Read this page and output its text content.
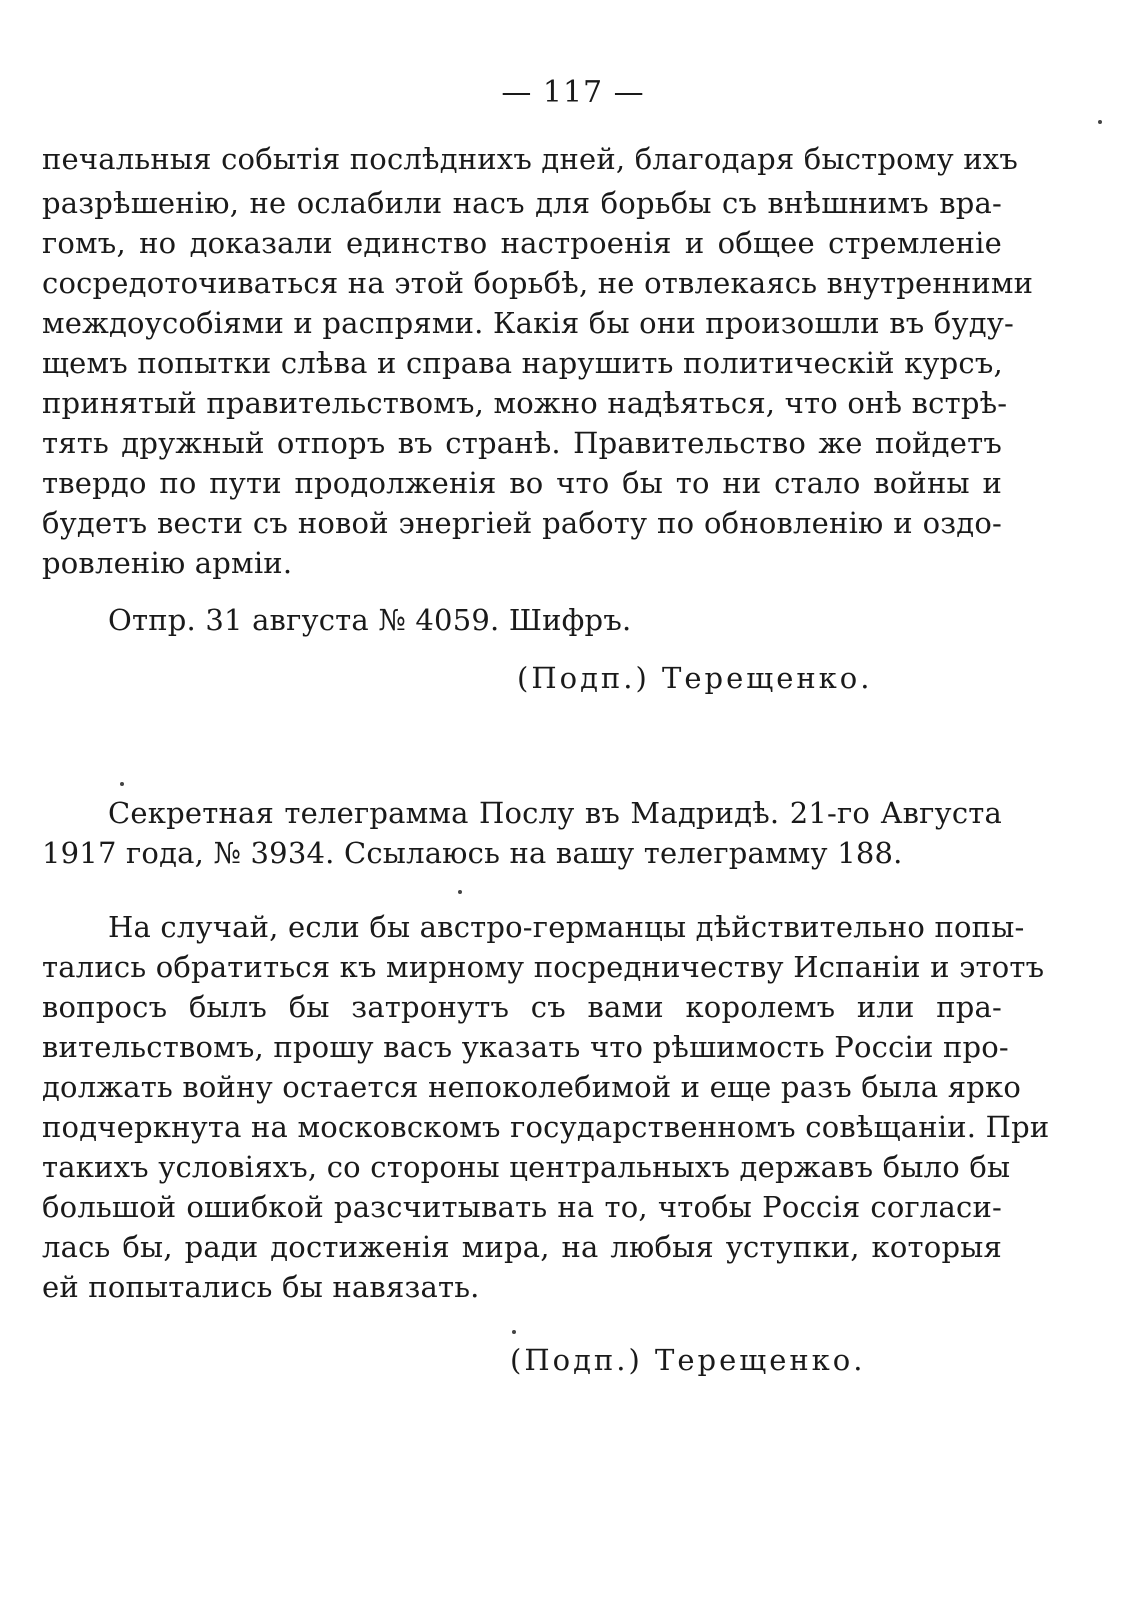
— 117 —
печальныя событія послѣднихъ дней, благодаря быстрому ихъ
разрѣшенію, не ослабили насъ для борьбы съ внѣшнимъ вра-
гомъ, но доказали единство настроенія и общее стремленіе
сосредоточиваться на этой борьбѣ, не отвлекаясь внутренними
междоусобіями и распрями. Какія бы они произошли въ буду-
щемъ попытки слѣва и справа нарушить политическій курсъ,
принятый правительствомъ, можно надѣяться, что онѣ встрѣ-
тять дружный отпоръ въ странѣ. Правительство же пойдетъ
твердо по пути продолженія во что бы то ни стало войны и
будетъ вести съ новой энергіей работу по обновленію и оздо-
ровленію арміи.
Отпр. 31 августа № 4059. Шифръ.
(Подп.) Терещенко.
Секретная телеграмма Послу въ Мадридѣ. 21-го Августа
1917 года, № 3934. Ссылаюсь на вашу телеграмму 188.
На случай, если бы австро-германцы дѣйствительно попы-
тались обратиться къ мирному посредничеству Испаніи и этотъ
вопросъ былъ бы затронутъ съ вами королемъ или пра-
вительствомъ, прошу васъ указать что рѣшимость Россіи про-
должать войну остается непоколебимой и еще разъ была ярко
подчеркнута на московскомъ государственномъ совѣщаніи. При
такихъ условіяхъ, со стороны центральныхъ державъ было бы
большой ошибкой разсчитывать на то, чтобы Россія согласи-
лась бы, ради достиженія мира, на любыя уступки, которыя
ей попытались бы навязать.
(Подп.) Терещенко.
